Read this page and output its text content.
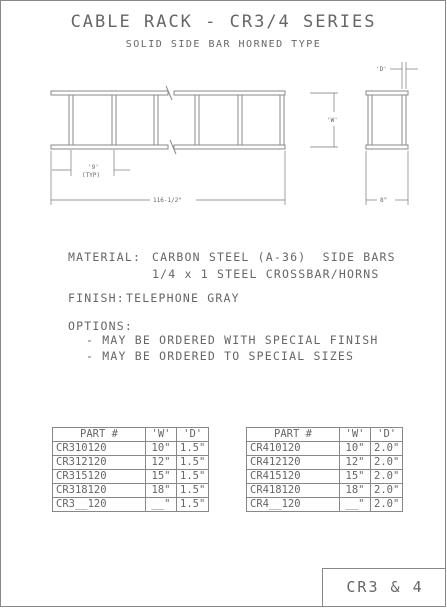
CABLE RACK - CR3/4 SERIES
SOLID SIDE BAR HORNED TYPE
'D'
'W'
'9'
(TYP)
116-1/2"	8"
MATERIAL: CARBON STEEL (A-36)  SIDE BARS
1/4 x 1 STEEL CROSSBAR/HORNS
FINISH: TELEPHONE GRAY
OPTIONS:
- MAY BE ORDERED WITH SPECIAL FINISH
- MAY BE ORDERED TO SPECIAL SIZES
PART #	'W'	'D'
CR310120	10"	1.5"
CR312120	12"	1.5"
CR315120	15"	1.5"
CR318120	18"	1.5"
CR3__120	__"	1.5"
PART #	'W'	'D'
CR410120	10"	2.0"
CR412120	12"	2.0"
CR415120	15"	2.0"
CR418120	18"	2.0"
CR4__120	__"	2.0"
CR3 & 4
